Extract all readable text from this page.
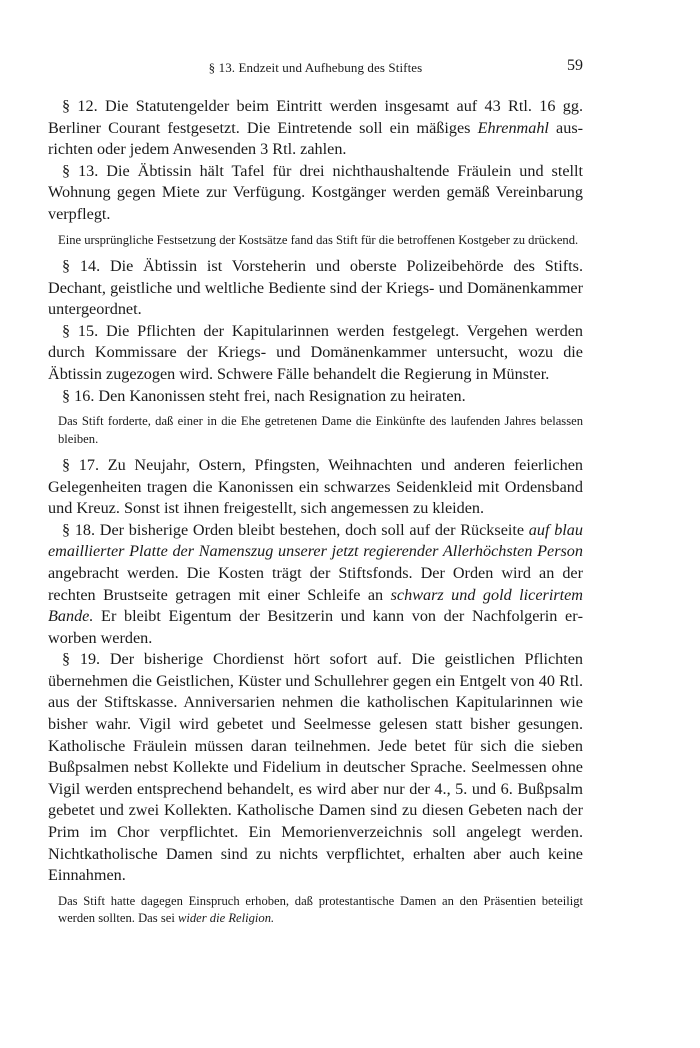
§ 13. Endzeit und Aufhebung des Stiftes	59

§ 12. Die Statutengelder beim Eintritt werden insgesamt auf 43 Rtl. 16 gg. Berliner Courant festgesetzt. Die Eintretende soll ein mäßiges Ehrenmahl ausrichten oder jedem Anwesenden 3 Rtl. zahlen.

§ 13. Die Äbtissin hält Tafel für drei nichthaushaltende Fräulein und stellt Wohnung gegen Miete zur Verfügung. Kostgänger werden gemäß Vereinbarung verpflegt.

Eine ursprüngliche Festsetzung der Kostsätze fand das Stift für die betroffenen Kostgeber zu drückend.

§ 14. Die Äbtissin ist Vorsteherin und oberste Polizeibehörde des Stifts. Dechant, geistliche und weltliche Bediente sind der Kriegs- und Domänenkammer untergeordnet.

§ 15. Die Pflichten der Kapitularinnen werden festgelegt. Vergehen werden durch Kommissare der Kriegs- und Domänenkammer untersucht, wozu die Äbtissin zugezogen wird. Schwere Fälle behandelt die Regierung in Münster.

§ 16. Den Kanonissen steht frei, nach Resignation zu heiraten.

Das Stift forderte, daß einer in die Ehe getretenen Dame die Einkünfte des laufenden Jahres belassen bleiben.

§ 17. Zu Neujahr, Ostern, Pfingsten, Weihnachten und anderen feierlichen Gelegenheiten tragen die Kanonissen ein schwarzes Seidenkleid mit Ordensband und Kreuz. Sonst ist ihnen freigestellt, sich angemessen zu kleiden.

§ 18. Der bisherige Orden bleibt bestehen, doch soll auf der Rückseite auf blau emaillierter Platte der Namenszug unserer jetzt regierender Allerhöchsten Person angebracht werden. Die Kosten trägt der Stiftsfonds. Der Orden wird an der rechten Brustseite getragen mit einer Schleife an schwarz und gold licerirtem Bande. Er bleibt Eigentum der Besitzerin und kann von der Nachfolgerin erworben werden.

§ 19. Der bisherige Chordienst hört sofort auf. Die geistlichen Pflichten übernehmen die Geistlichen, Küster und Schullehrer gegen ein Entgelt von 40 Rtl. aus der Stiftskasse. Anniversarien nehmen die katholischen Kapitularinnen wie bisher wahr. Vigil wird gebetet und Seelmesse gelesen statt bisher gesungen. Katholische Fräulein müssen daran teilnehmen. Jede betet für sich die sieben Bußpsalmen nebst Kollekte und Fidelium in deutscher Sprache. Seelmessen ohne Vigil werden entsprechend behandelt, es wird aber nur der 4., 5. und 6. Bußpsalm gebetet und zwei Kollekten. Katholische Damen sind zu diesen Gebeten nach der Prim im Chor verpflichtet. Ein Memorienverzeichnis soll angelegt werden. Nichtkatholische Damen sind zu nichts verpflichtet, erhalten aber auch keine Einnahmen.

Das Stift hatte dagegen Einspruch erhoben, daß protestantische Damen an den Präsentien beteiligt werden sollten. Das sei wider die Religion.
